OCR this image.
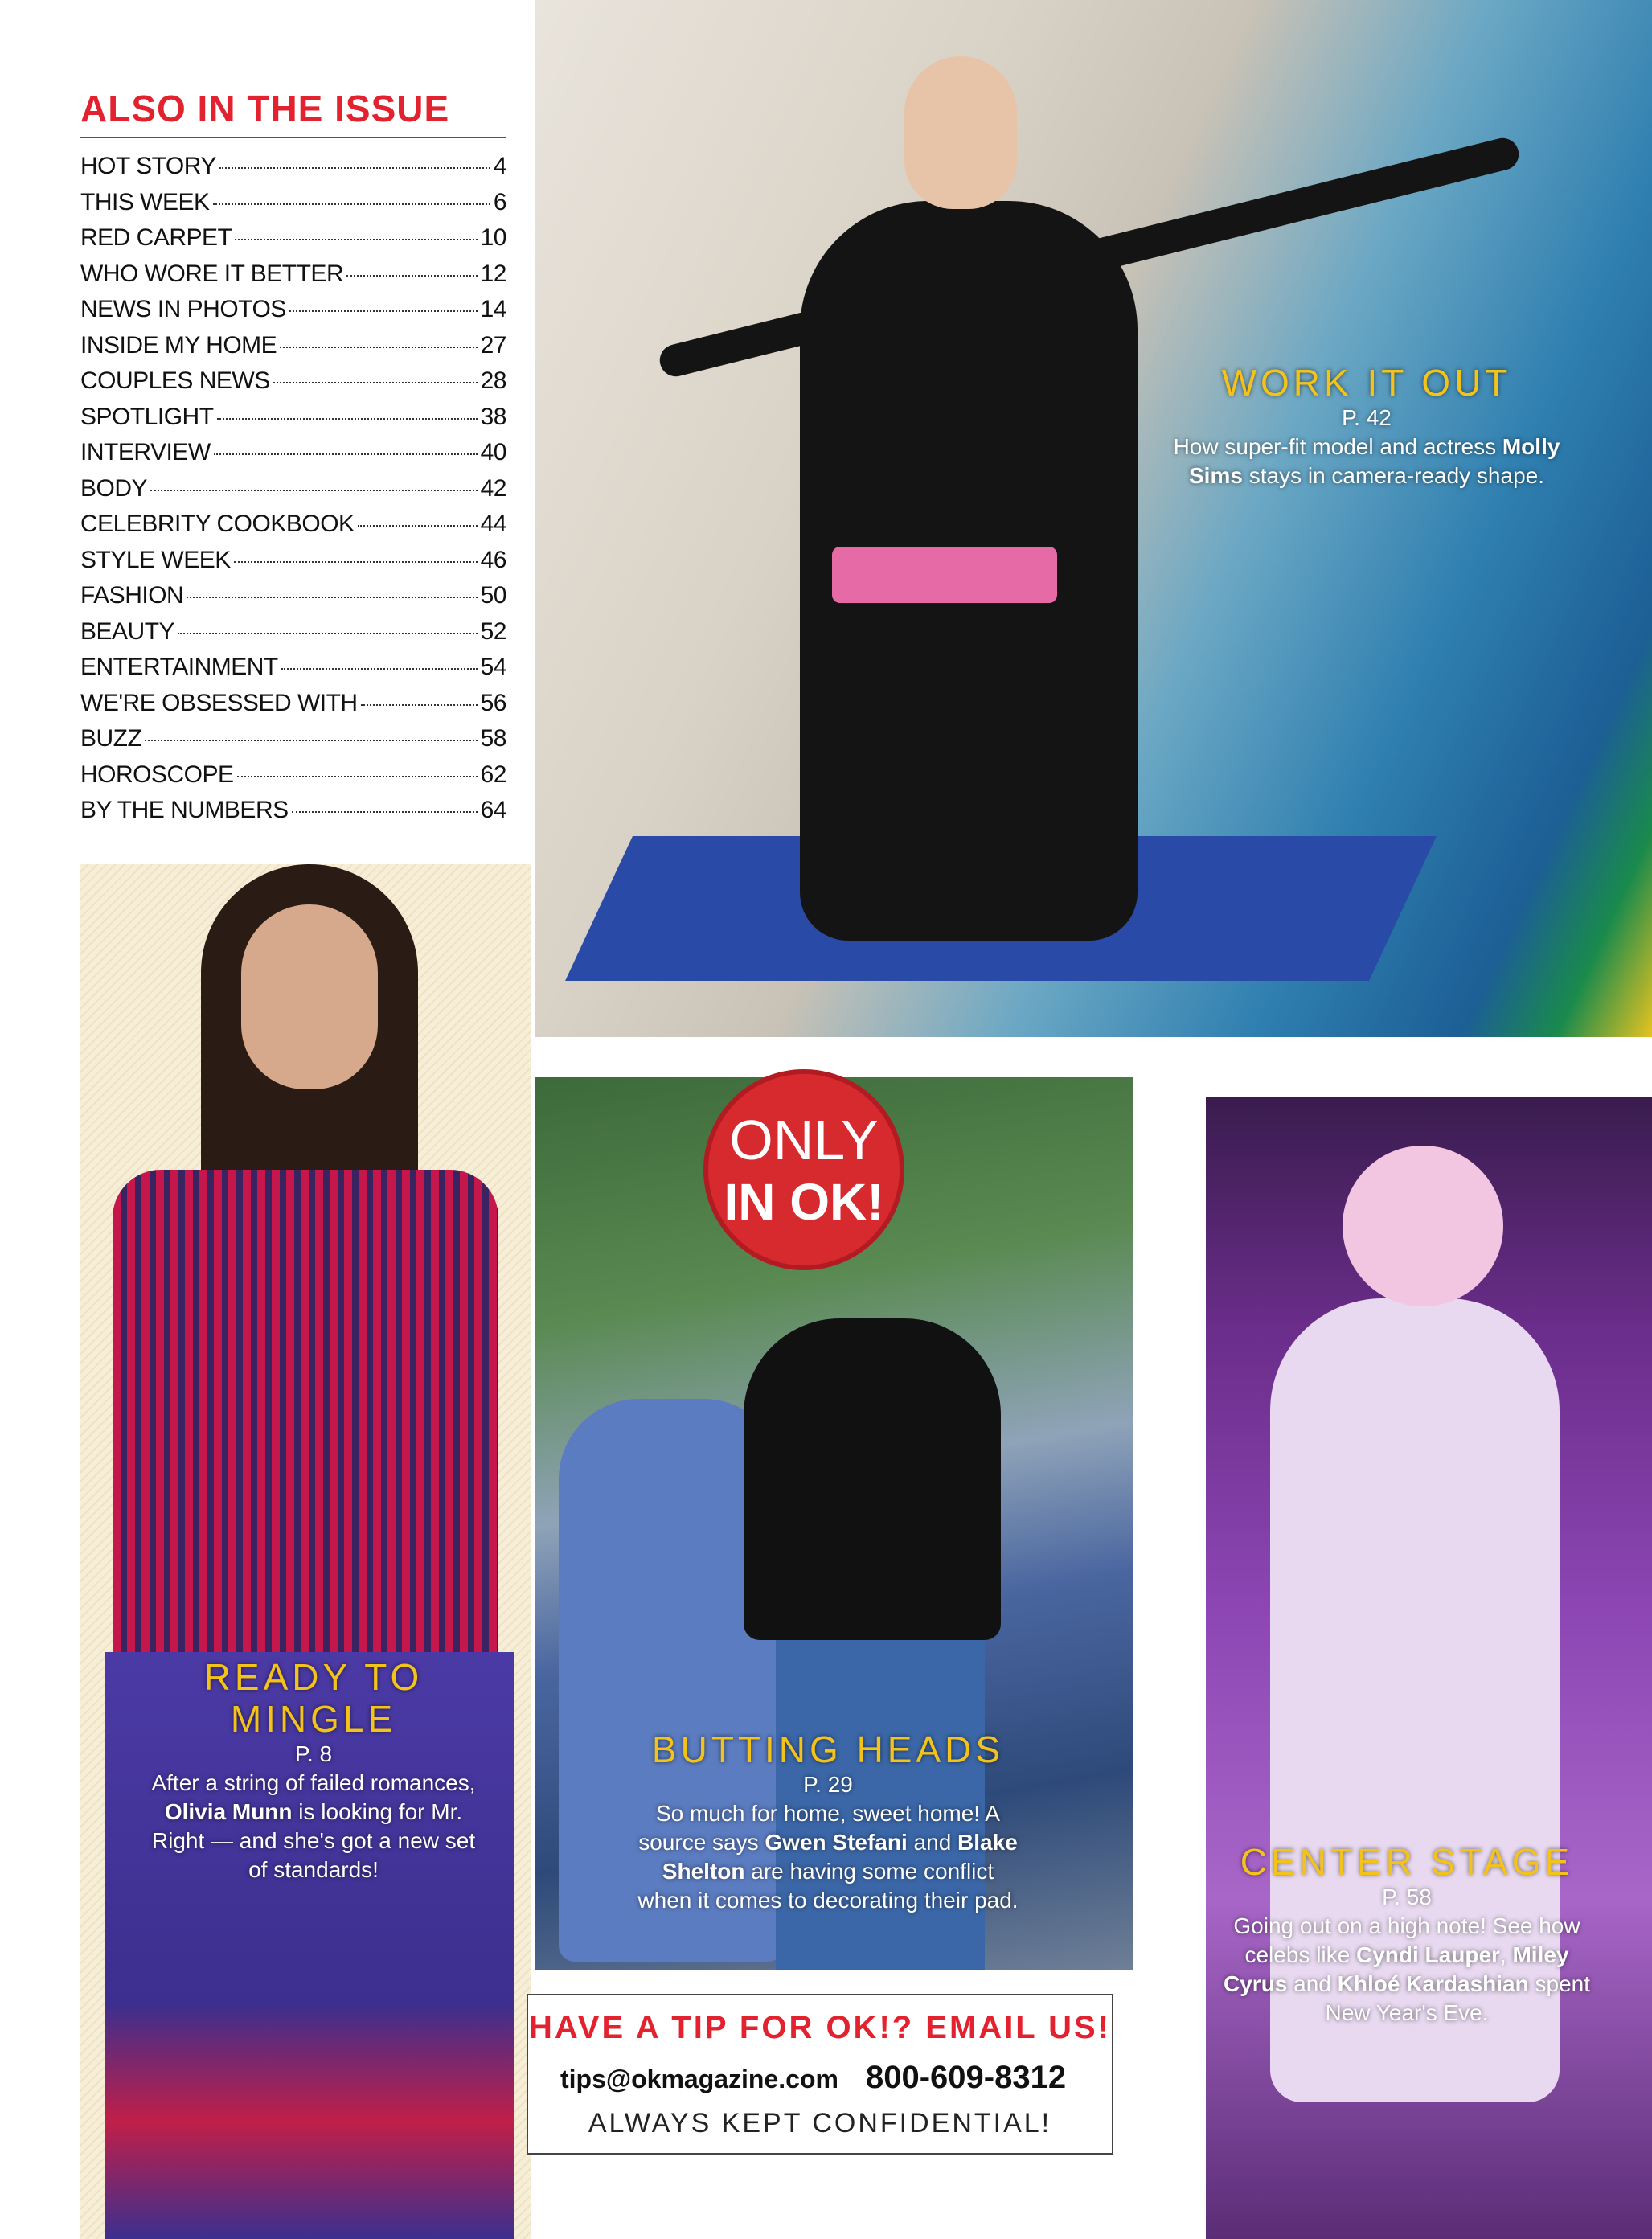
ALSO IN THE ISSUE
HOT STORY	4
THIS WEEK	6
RED CARPET	10
WHO WORE IT BETTER	12
NEWS IN PHOTOS	14
INSIDE MY HOME	27
COUPLES NEWS	28
SPOTLIGHT	38
INTERVIEW	40
BODY	42
CELEBRITY COOKBOOK	44
STYLE WEEK	46
FASHION	50
BEAUTY	52
ENTERTAINMENT	54
WE'RE OBSESSED WITH	56
BUZZ	58
HOROSCOPE	62
BY THE NUMBERS	64
ONLY
IN OK!
WORK IT OUT
P. 42
How super-fit model and actress Molly Sims stays in camera-ready shape.
READY TO
MINGLE
P. 8
After a string of failed romances, Olivia Munn is looking for Mr. Right — and she's got a new set of standards!
BUTTING HEADS
P. 29
So much for home, sweet home! A source says Gwen Stefani and Blake Shelton are having some conflict when it comes to decorating their pad.
CENTER STAGE
P. 58
Going out on a high note! See how celebs like Cyndi Lauper, Miley Cyrus and Khloé Kardashian spent New Year's Eve.
HAVE A TIP FOR OK!? EMAIL US!
tips@okmagazine.com 800-609-8312
ALWAYS KEPT CONFIDENTIAL!
